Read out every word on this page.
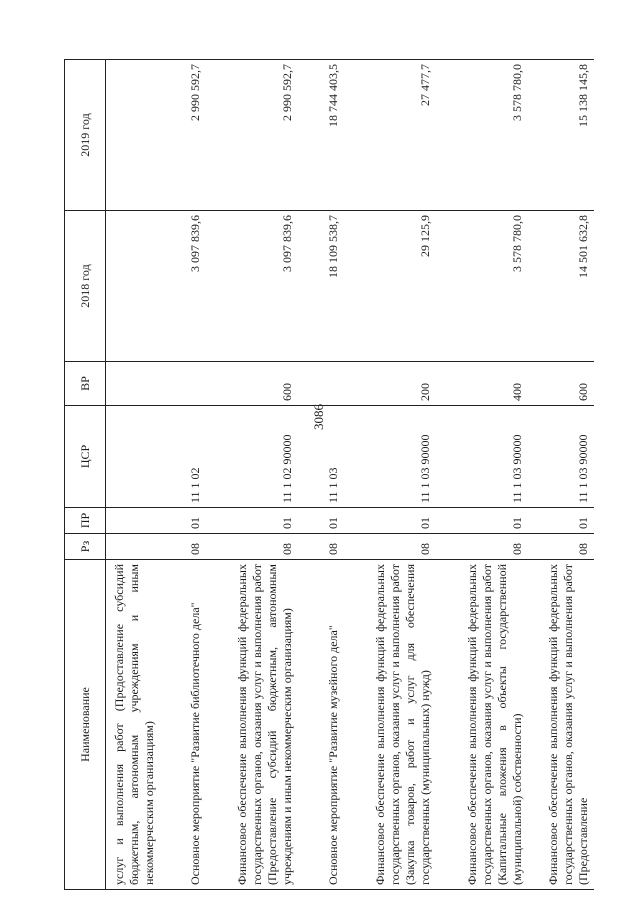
3086
Наименование	Рз	ПР	ЦСР	ВР	2018 год	2019 год
услуг и выполнения работ (Предоставление субсидий бюджетным, автономным учреждениям и иным некоммерческим организациям)						
Основное мероприятие "Развитие библиотечного дела"	08	01	11 1 02		3 097 839,6	2 990 592,7
Финансовое обеспечение выполнения функций федеральных государственных органов, оказания услуг и выполнения работ (Предоставление субсидий бюджетным, автономным учреждениям и иным некоммерческим организациям)	08	01	11 1 02 90000	600	3 097 839,6	2 990 592,7
Основное мероприятие "Развитие музейного дела"	08	01	11 1 03		18 109 538,7	18 744 403,5
Финансовое обеспечение выполнения функций федеральных государственных органов, оказания услуг и выполнения работ (Закупка товаров, работ и услуг для обеспечения государственных (муниципальных) нужд)	08	01	11 1 03 90000	200	29 125,9	27 477,7
Финансовое обеспечение выполнения функций федеральных государственных органов, оказания услуг и выполнения работ (Капитальные вложения в объекты государственной (муниципальной) собственности)	08	01	11 1 03 90000	400	3 578 780,0	3 578 780,0
Финансовое обеспечение выполнения функций федеральных государственных органов, оказания услуг и выполнения работ (Предоставление	08	01	11 1 03 90000	600	14 501 632,8	15 138 145,8
